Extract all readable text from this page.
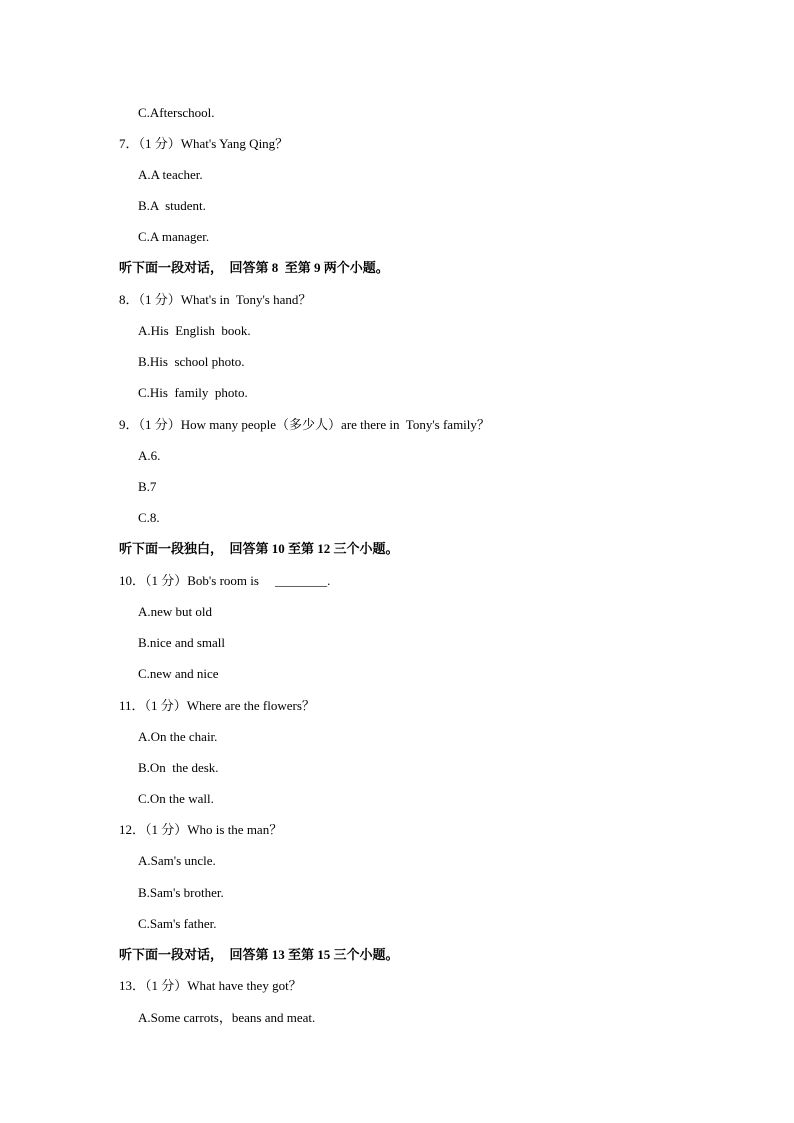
C.Afterschool.
7．（1 分）What's Yang Qing？
A.A teacher.
B.A  student.
C.A manager.
听下面一段对话，  回答第 8  至第 9 两个小题。
8．（1 分）What's in  Tony's hand？
A.His  English  book.
B.His  school photo.
C.His  family  photo.
9．（1 分）How many people（多少人）are there in  Tony's family？
A.6.
B.7
C.8.
听下面一段独白，  回答第 10 至第 12 三个小题。
10．（1 分）Bob's room is     ________.
A.new but old
B.nice and small
C.new and nice
11．（1 分）Where are the flowers？
A.On the chair.
B.On  the desk.
C.On the wall.
12．（1 分）Who is the man？
A.Sam's uncle.
B.Sam's brother.
C.Sam's father.
听下面一段对话，  回答第 13 至第 15 三个小题。
13．（1 分）What have they got？
A.Some carrots，beans and meat.
